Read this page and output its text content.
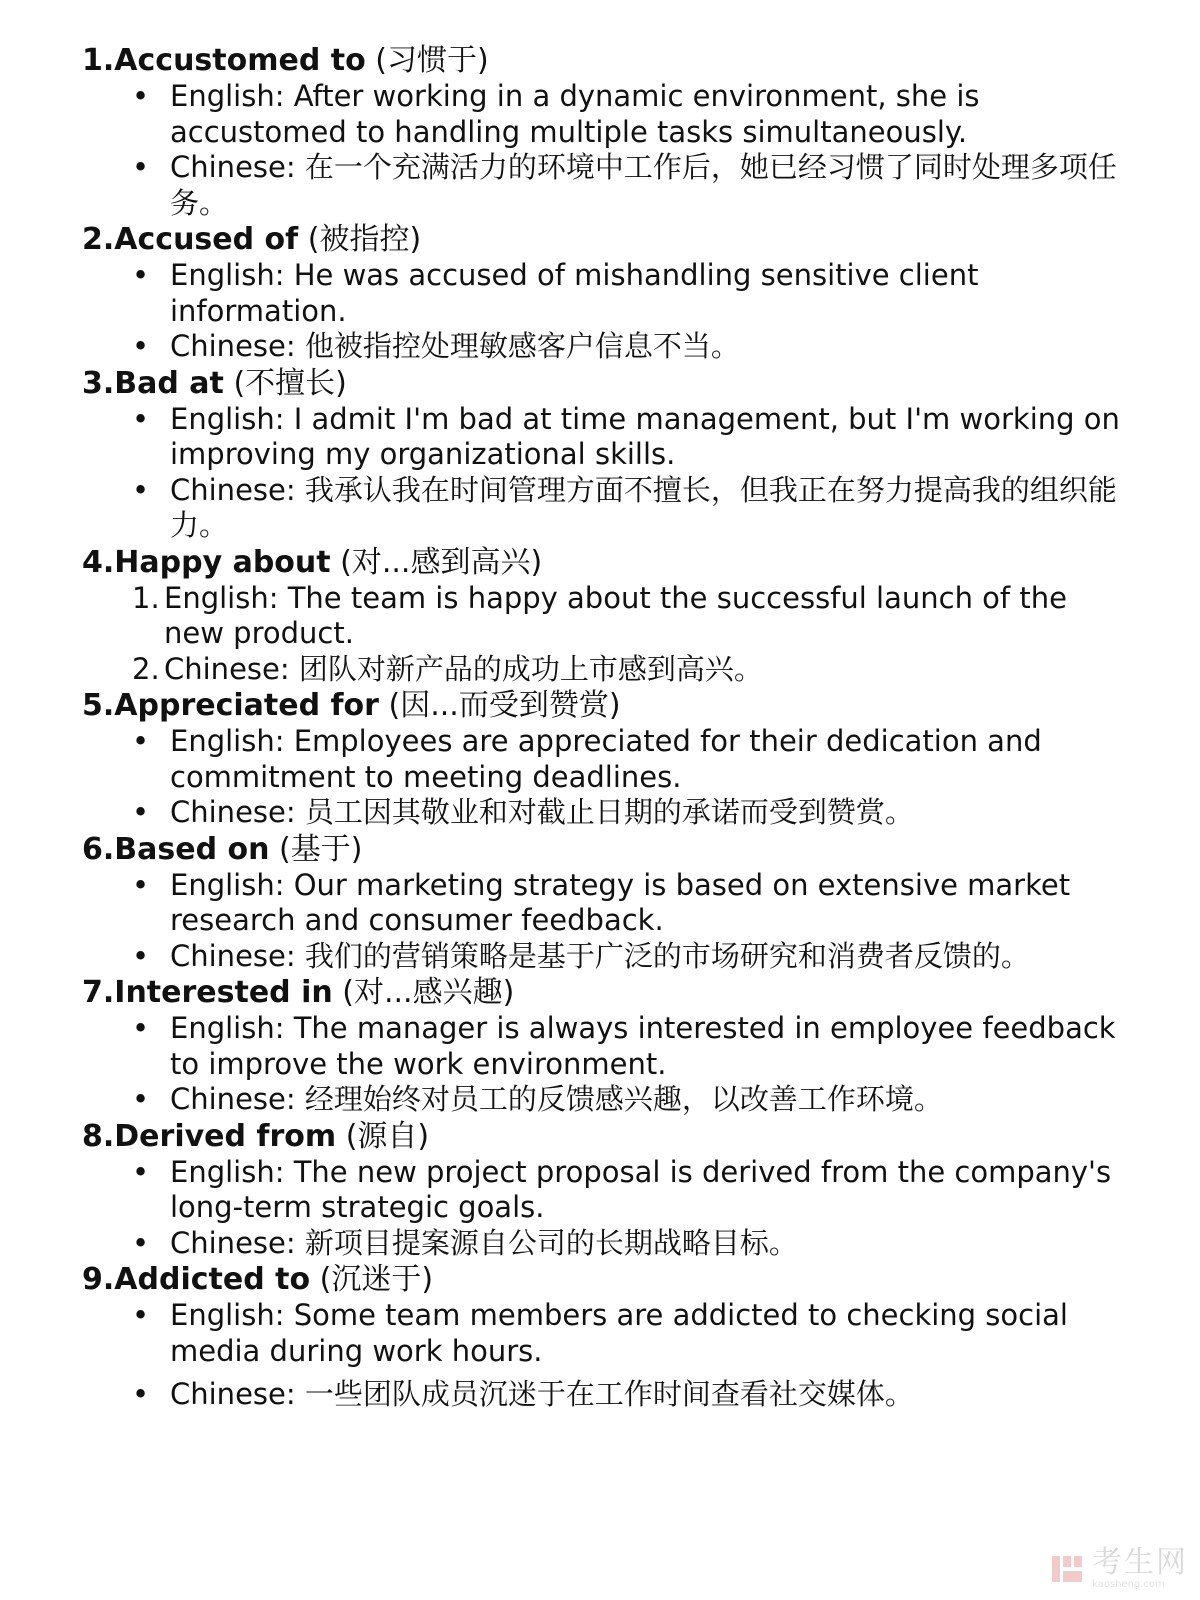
1.Accustomed to (习惯于)

• English: After working in a dynamic environment, she is accustomed to handling multiple tasks simultaneously.
• Chinese: 在一个充满活力的环境中工作后，她已经习惯了同时处理多项任务。

2.Accused of (被指控)

• English: He was accused of mishandling sensitive client information.
• Chinese: 他被指控处理敏感客户信息不当。

3.Bad at (不擅长)

• English: I admit I'm bad at time management, but I'm working on improving my organizational skills.
• Chinese: 我承认我在时间管理方面不擅长，但我正在努力提高我的组织能力。

4.Happy about (对...感到高兴)

1. English: The team is happy about the successful launch of the new product.
2. Chinese: 团队对新产品的成功上市感到高兴。

5.Appreciated for (因...而受到赞赏)

• English: Employees are appreciated for their dedication and commitment to meeting deadlines.
• Chinese: 员工因其敬业和对截止日期的承诺而受到赞赏。

6.Based on (基于)

• English: Our marketing strategy is based on extensive market research and consumer feedback.
• Chinese: 我们的营销策略是基于广泛的市场研究和消费者反馈的。

7.Interested in (对...感兴趣)

• English: The manager is always interested in employee feedback to improve the work environment.
• Chinese: 经理始终对员工的反馈感兴趣，以改善工作环境。

8.Derived from (源自)

• English: The new project proposal is derived from the company's long-term strategic goals.
• Chinese: 新项目提案源自公司的长期战略目标。

9.Addicted to (沉迷于)

• English: Some team members are addicted to checking social media during work hours.
• Chinese: 一些团队成员沉迷于在工作时间查看社交媒体。
考生网
kaosheng.com
